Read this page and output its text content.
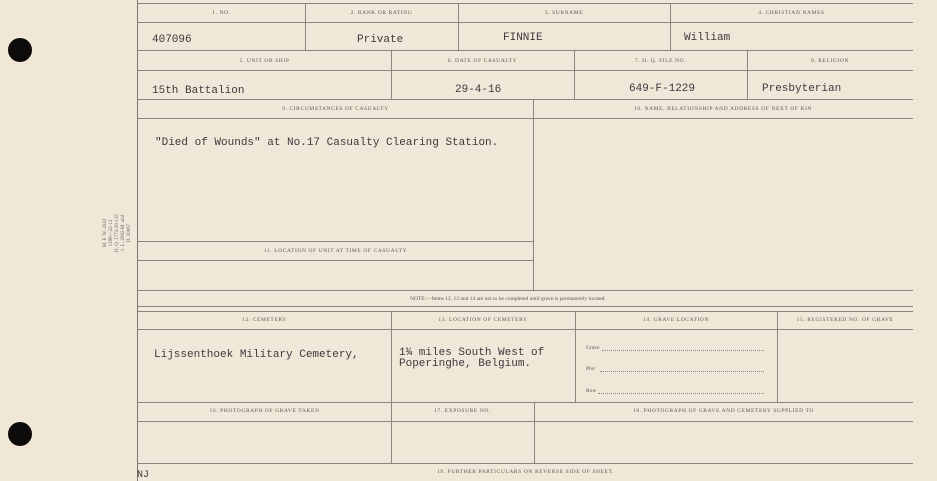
M. F. W. 2043 1288—22-12 H. Q. 1772-39-135 1. L. 2082-M. and D. 20067
1. NO.	2. RANK OR RATING	3. SURNAME	4. CHRISTIAN NAMES
407096	Private	FINNIE	William
5. UNIT OR SHIP	6. DATE OF CASUALTY	7. H. Q. FILE NO.	8. RELIGION
15th Battalion	29-4-16	649-F-1229	Presbyterian
9. CIRCUMSTANCES OF CASUALTY	10. NAME, RELATIONSHIP AND ADDRESS OF NEXT OF KIN
"Died of Wounds" at No.17 Casualty Clearing Station.
11. LOCATION OF UNIT AT TIME OF CASUALTY
NOTE:—Items 12, 13 and 14 are not to be completed until grave is permanently located.
12. CEMETERY	13. LOCATION OF CEMETERY	14. GRAVE LOCATION	15. REGISTERED NO. OF GRAVE
Lijssenthoek Military Cemetery,	1¾ miles South West of
Poperinghe, Belgium.
Grave
Plot
Row
16. PHOTOGRAPH OF GRAVE TAKEN	17. EXPOSURE NO.	18. PHOTOGRAPH OF GRAVE AND CEMETERY SUPPLIED TO
19. FURTHER PARTICULARS ON REVERSE SIDE OF SHEET.
NJ
